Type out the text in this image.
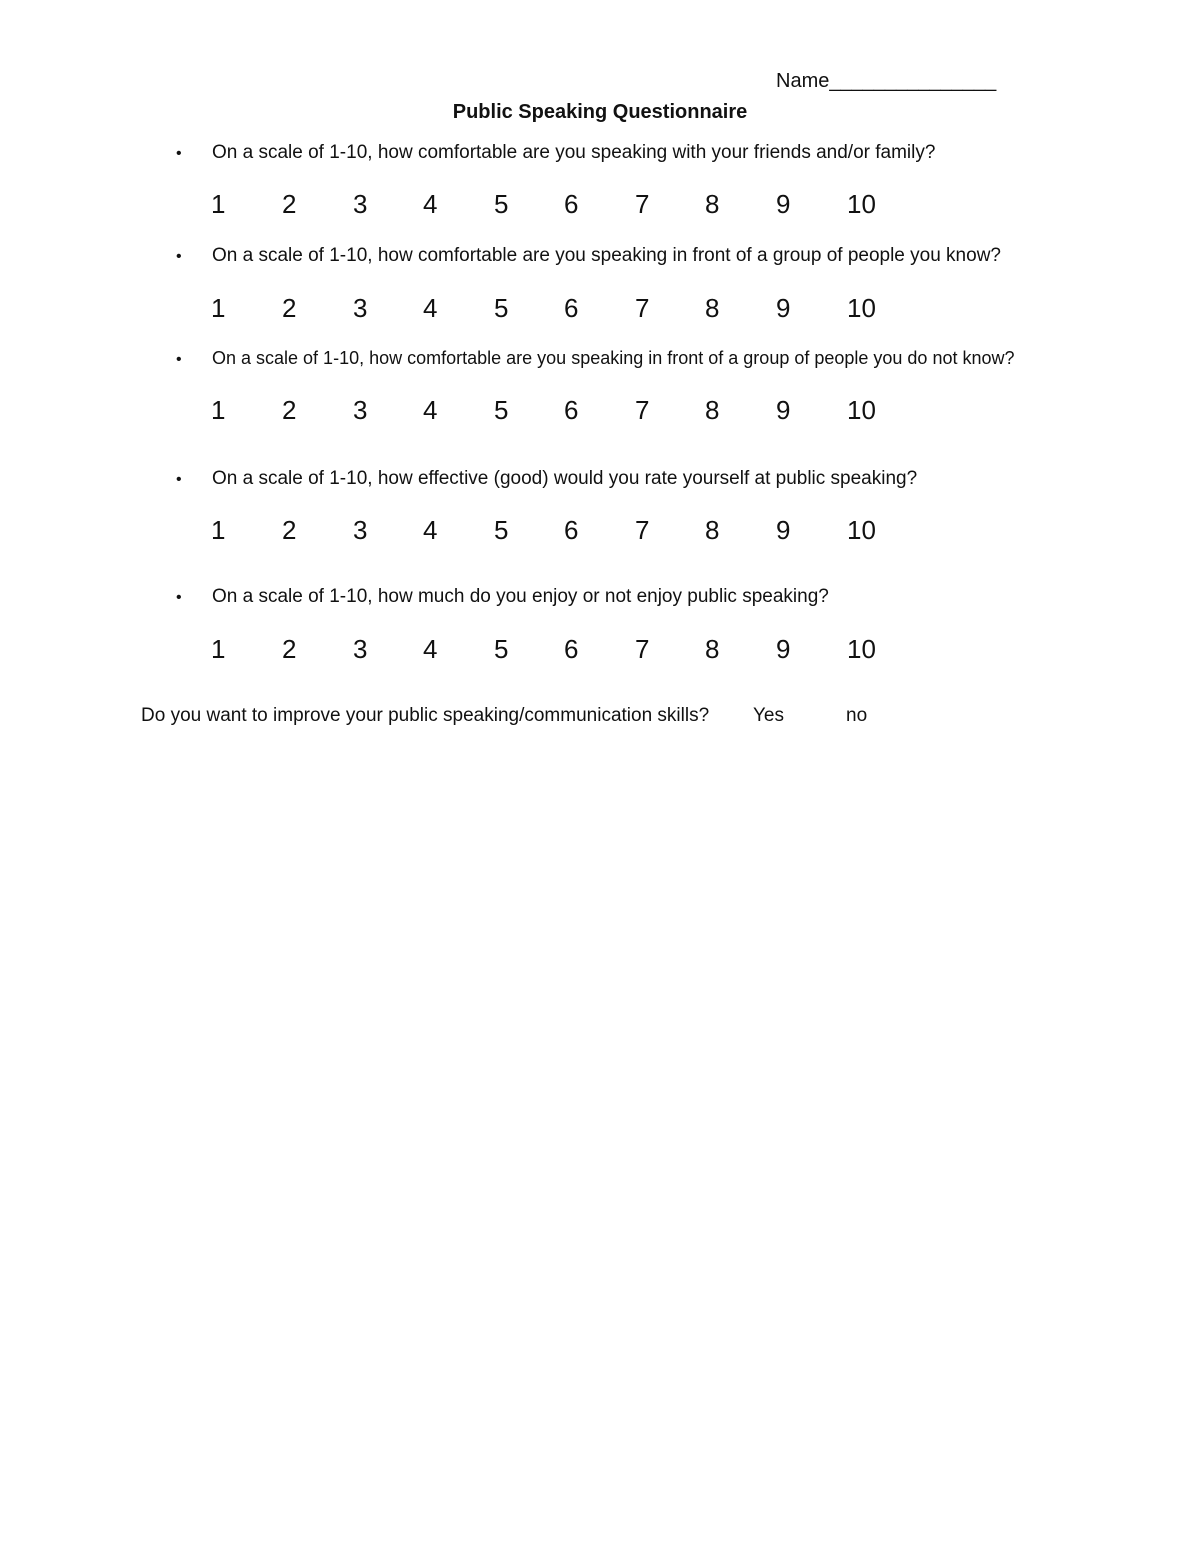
Name_______________
Public Speaking Questionnaire
• On a scale of 1-10, how comfortable are you speaking with your friends and/or family?
1 2 3 4 5 6 7 8 9 10
• On a scale of 1-10, how comfortable are you speaking in front of a group of people you know?
1 2 3 4 5 6 7 8 9 10
• On a scale of 1-10, how comfortable are you speaking in front of a group of people you do not know?
1 2 3 4 5 6 7 8 9 10
• On a scale of 1-10, how effective (good) would you rate yourself at public speaking?
1 2 3 4 5 6 7 8 9 10
• On a scale of 1-10, how much do you enjoy or not enjoy public speaking?
1 2 3 4 5 6 7 8 9 10
Do you want to improve your public speaking/communication skills? Yes	no
